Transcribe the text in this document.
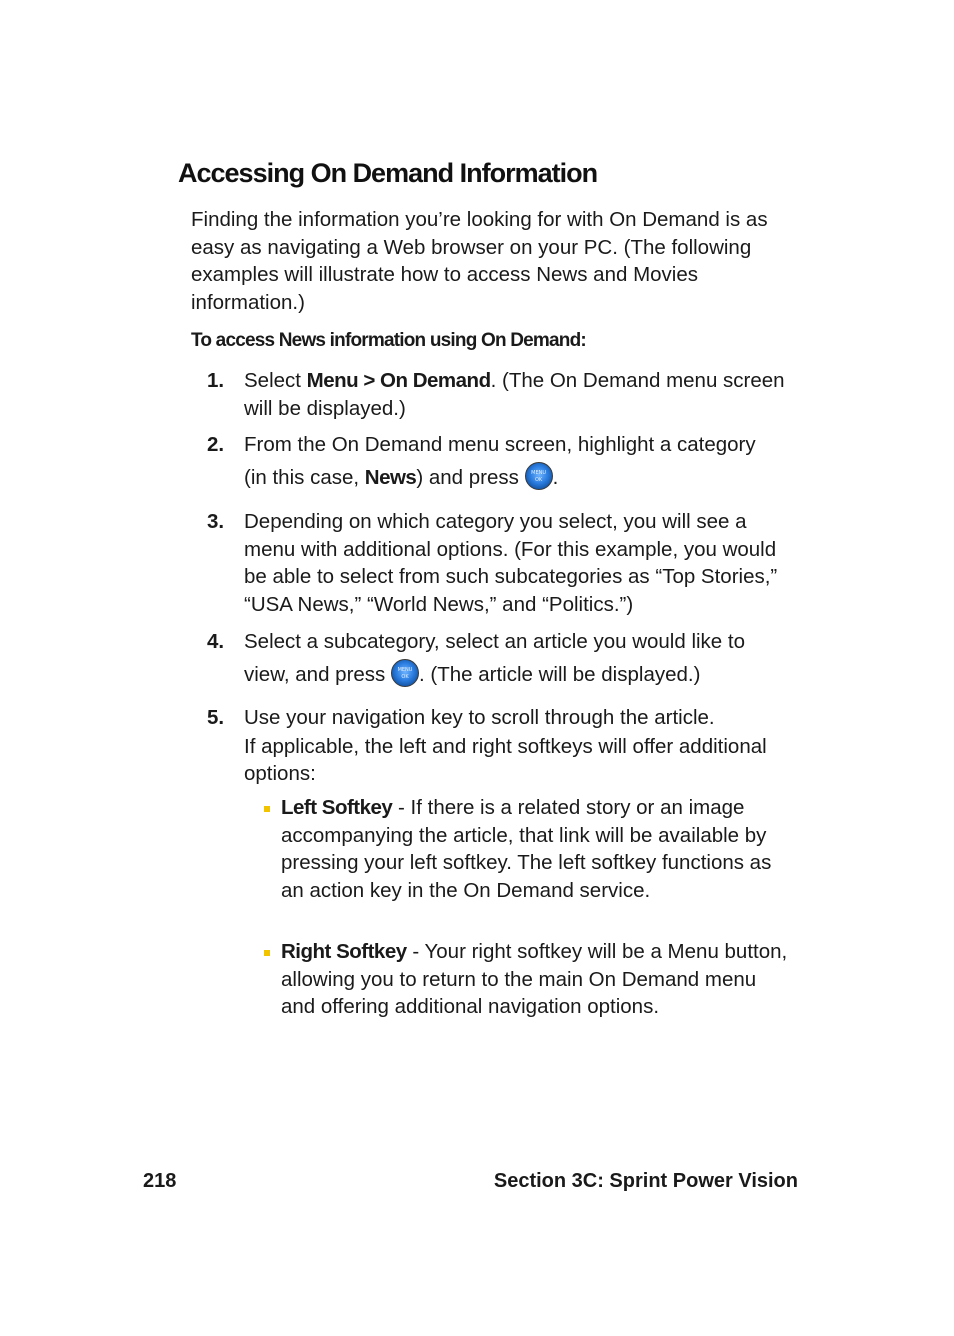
Accessing On Demand Information

Finding the information you’re looking for with On Demand is as easy as navigating a Web browser on your PC. (The following examples will illustrate how to access News and Movies information.)

To access News information using On Demand:

1. Select Menu > On Demand. (The On Demand menu screen will be displayed.)
2. From the On Demand menu screen, highlight a category
(in this case, News) and press	MENU
OK .
3. Depending on which category you select, you will see a menu with additional options. (For this example, you would be able to select from such subcategories as “Top Stories,” “USA News,” “World News,” and “Politics.”)
4. Select a subcategory, select an article you would like to
view, and press	MENU
OK . (The article will be displayed.)
5. Use your navigation key to scroll through the article.
If applicable, the left and right softkeys will offer additional options:
Left Softkey - If there is a related story or an image accompanying the article, that link will be available by pressing your left softkey. The left softkey functions as an action key in the On Demand service.
Right Softkey - Your right softkey will be a Menu button, allowing you to return to the main On Demand menu and offering additional navigation options.
218	Section 3C: Sprint Power Vision
